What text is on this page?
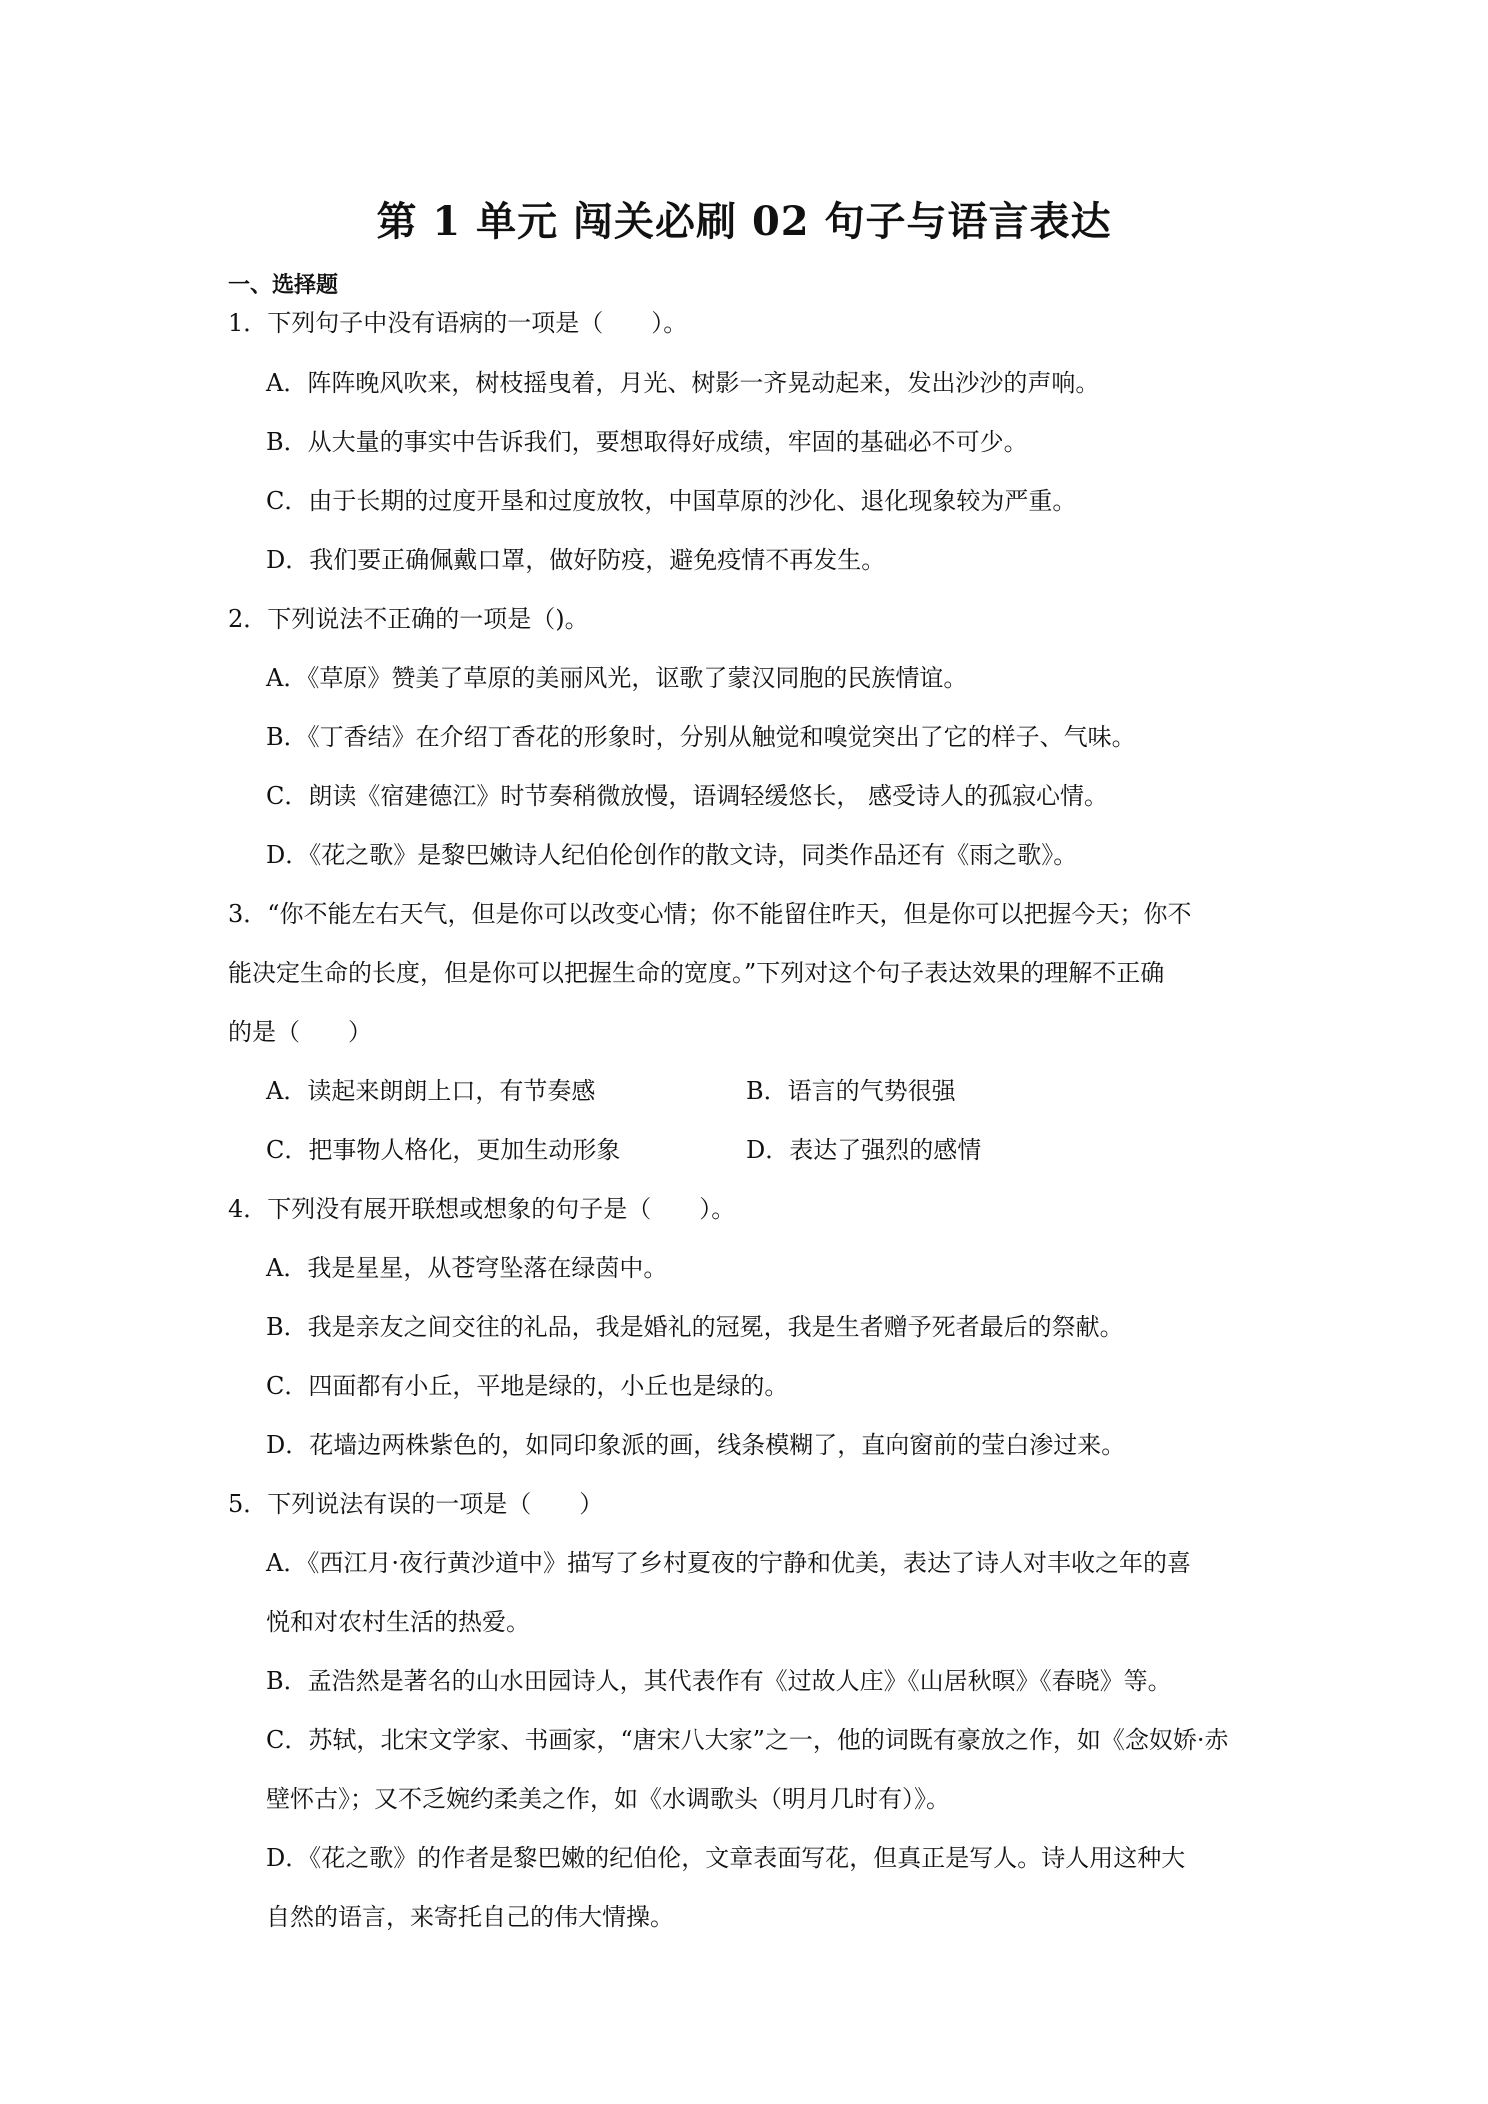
第 1 单元 闯关必刷 02 句子与语言表达
一、选择题
1．下列句子中没有语病的一项是（　　）。
A．阵阵晚风吹来，树枝摇曳着，月光、树影一齐晃动起来，发出沙沙的声响。
B．从大量的事实中告诉我们，要想取得好成绩，牢固的基础必不可少。
C．由于长期的过度开垦和过度放牧，中国草原的沙化、退化现象较为严重。
D．我们要正确佩戴口罩，做好防疫，避免疫情不再发生。
2．下列说法不正确的一项是（)。
A．《草原》赞美了草原的美丽风光，讴歌了蒙汉同胞的民族情谊。
B．《丁香结》在介绍丁香花的形象时，分别从触觉和嗅觉突出了它的样子、气味。
C．朗读《宿建德江》时节奏稍微放慢，语调轻缓悠长， 感受诗人的孤寂心情。
D．《花之歌》是黎巴嫩诗人纪伯伦创作的散文诗，同类作品还有《雨之歌》。
3．“你不能左右天气，但是你可以改变心情；你不能留住昨天，但是你可以把握今天；你不
能决定生命的长度，但是你可以把握生命的宽度。”下列对这个句子表达效果的理解不正确
的是（　　）
A．读起来朗朗上口，有节奏感	B．语言的气势很强
C．把事物人格化，更加生动形象	D．表达了强烈的感情
4．下列没有展开联想或想象的句子是（　　）。
A．我是星星，从苍穹坠落在绿茵中。
B．我是亲友之间交往的礼品，我是婚礼的冠冕，我是生者赠予死者最后的祭献。
C．四面都有小丘，平地是绿的，小丘也是绿的。
D．花墙边两株紫色的，如同印象派的画，线条模糊了，直向窗前的莹白渗过来。
5．下列说法有误的一项是（　　）
A．《西江月·夜行黄沙道中》描写了乡村夏夜的宁静和优美，表达了诗人对丰收之年的喜
悦和对农村生活的热爱。
B．孟浩然是著名的山水田园诗人，其代表作有《过故人庄》《山居秋暝》《春晓》等。
C．苏轼，北宋文学家、书画家，“唐宋八大家”之一，他的词既有豪放之作，如《念奴娇·赤
壁怀古》；又不乏婉约柔美之作，如《水调歌头（明月几时有）》。
D．《花之歌》的作者是黎巴嫩的纪伯伦，文章表面写花，但真正是写人。诗人用这种大
自然的语言，来寄托自己的伟大情操。
